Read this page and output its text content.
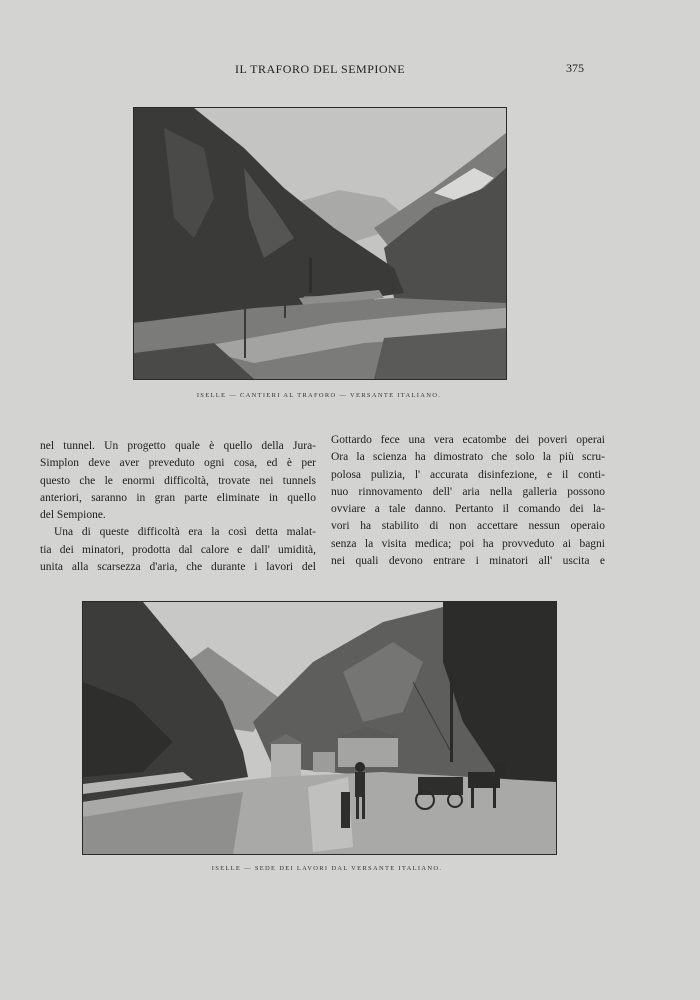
IL TRAFORO DEL SEMPIONE	375
ISELLE — CANTIERI AL TRAFORO — VERSANTE ITALIANO.
nel tunnel. Un progetto quale è quello della Jura-
Simplon deve aver preveduto ogni cosa, ed è per
questo che le enormi difficoltà, trovate nei tunnels
anteriori, saranno in gran parte eliminate in quello
del Sempione.
Una di queste difficoltà era la così detta malat-
tia dei minatori, prodotta dal calore e dall' umidità,
unita alla scarsezza d'aria, che durante i lavori del
Gottardo fece una vera ecatombe dei poveri operai
Ora la scienza ha dimostrato che solo la più scru-
polosa pulizia, l' accurata disinfezione, e il conti-
nuo rinnovamento dell' aria nella galleria possono
ovviare a tale danno. Pertanto il comando dei la-
vori ha stabilito di non accettare nessun operaio
senza la visita medica; poi ha provveduto ai bagni
nei quali devono entrare i minatori all' uscita e
ISELLE — SEDE DEI LAVORI DAL VERSANTE ITALIANO.
